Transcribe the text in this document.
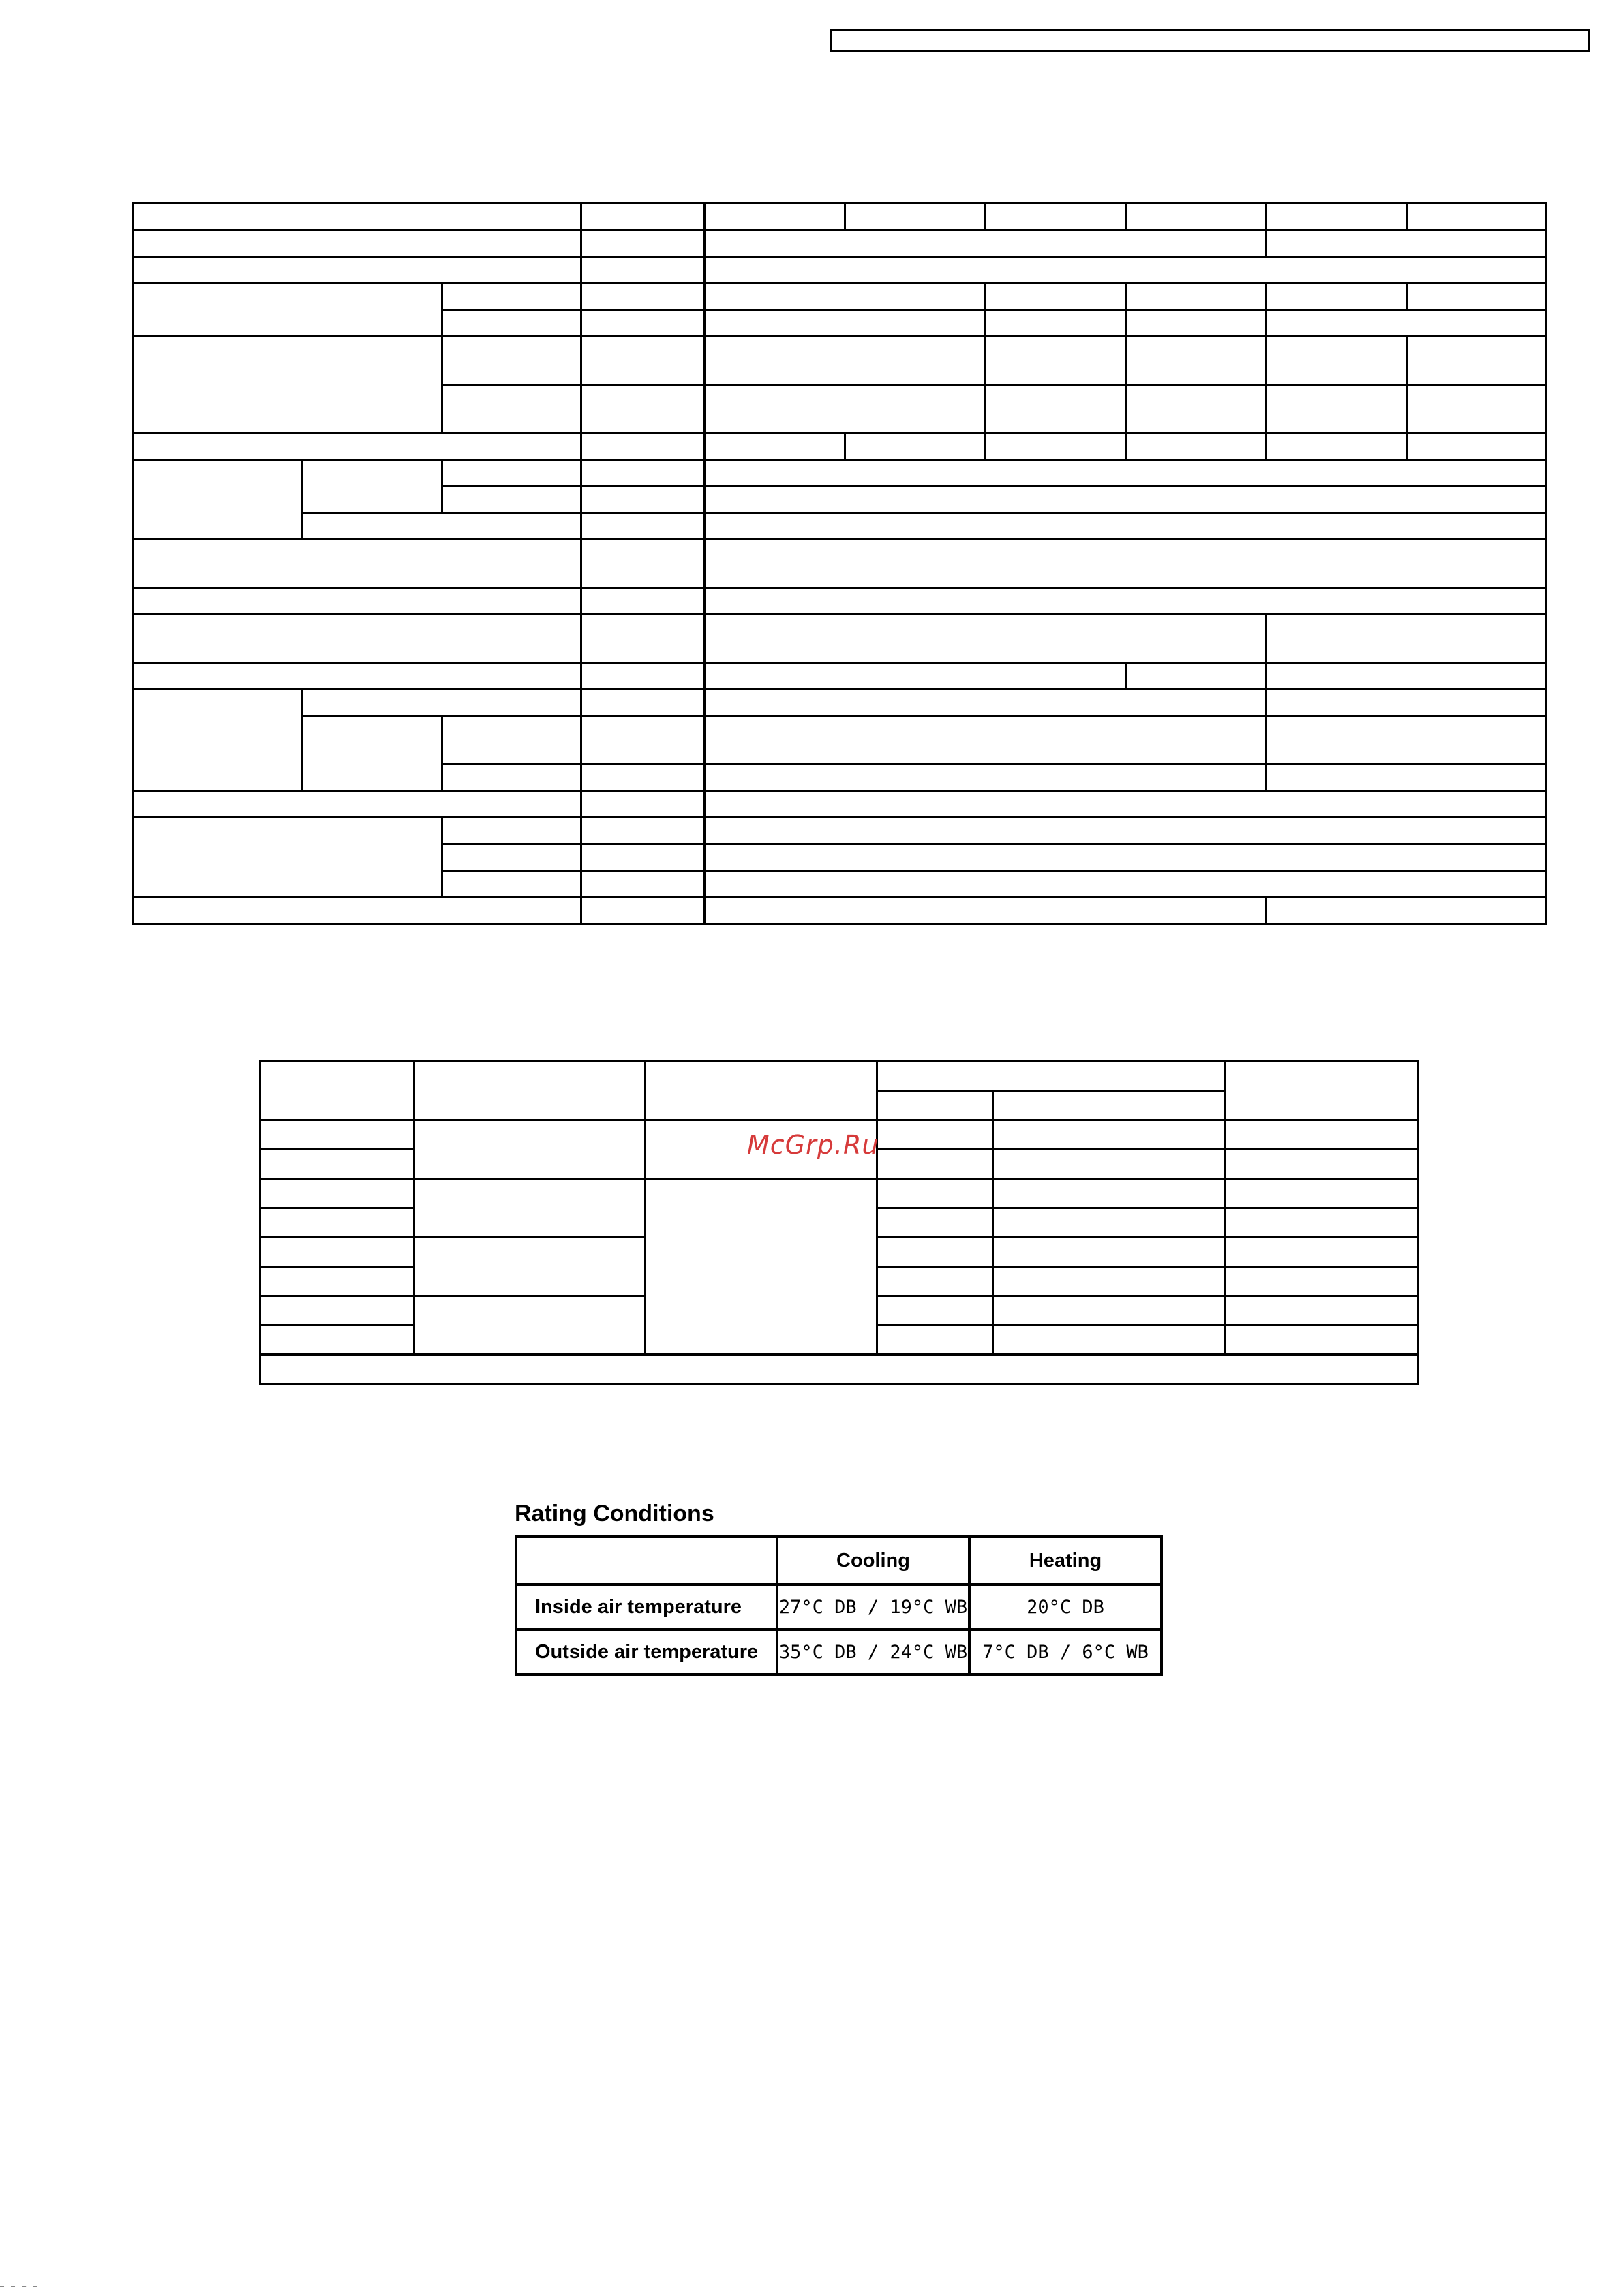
McGrp.Ru
Rating Conditions
	Cooling	Heating
Inside air temperature	27°C DB / 19°C WB	20°C DB
Outside air temperature	35°C DB / 24°C WB	7°C DB / 6°C WB
— — — —
